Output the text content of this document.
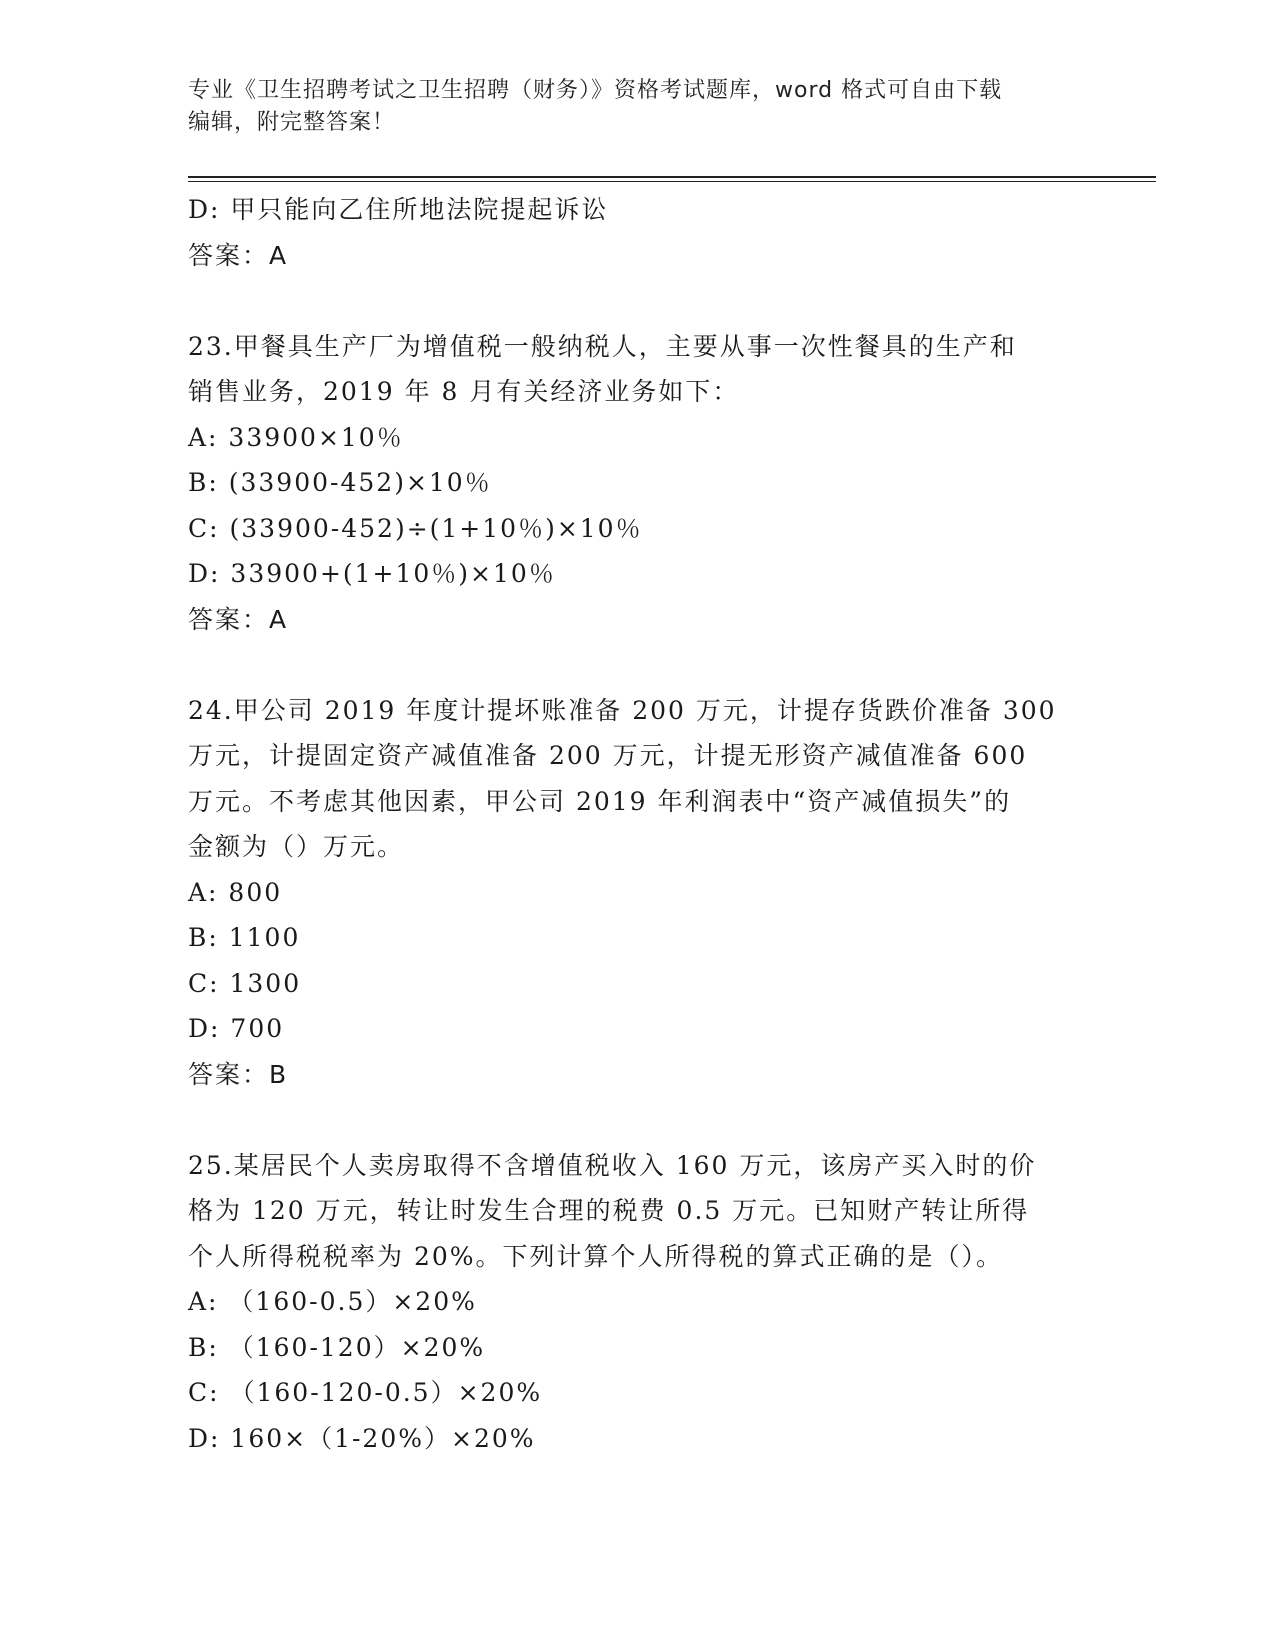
专业《卫生招聘考试之卫生招聘（财务）》资格考试题库，word 格式可自由下载
编辑，附完整答案！
D: 甲只能向乙住所地法院提起诉讼
答案：A
23.甲餐具生产厂为增值税一般纳税人，主要从事一次性餐具的生产和
销售业务，2019 年 8 月有关经济业务如下：
A: 33900×10％
B: (33900-452)×10％
C: (33900-452)÷(1+10％)×10％
D: 33900+(1+10％)×10％
答案：A
24.甲公司 2019 年度计提坏账准备 200 万元，计提存货跌价准备 300
万元，计提固定资产减值准备 200 万元，计提无形资产减值准备 600
万元。不考虑其他因素，甲公司 2019 年利润表中“资产减值损失”的
金额为（）万元。
A: 800
B: 1100
C: 1300
D: 700
答案：B
25.某居民个人卖房取得不含增值税收入 160 万元，该房产买入时的价
格为 120 万元，转让时发生合理的税费 0.5 万元。已知财产转让所得
个人所得税税率为 20%。下列计算个人所得税的算式正确的是（）。
A: （160-0.5）×20%
B: （160-120）×20%
C: （160-120-0.5）×20%
D: 160×（1-20%）×20%
